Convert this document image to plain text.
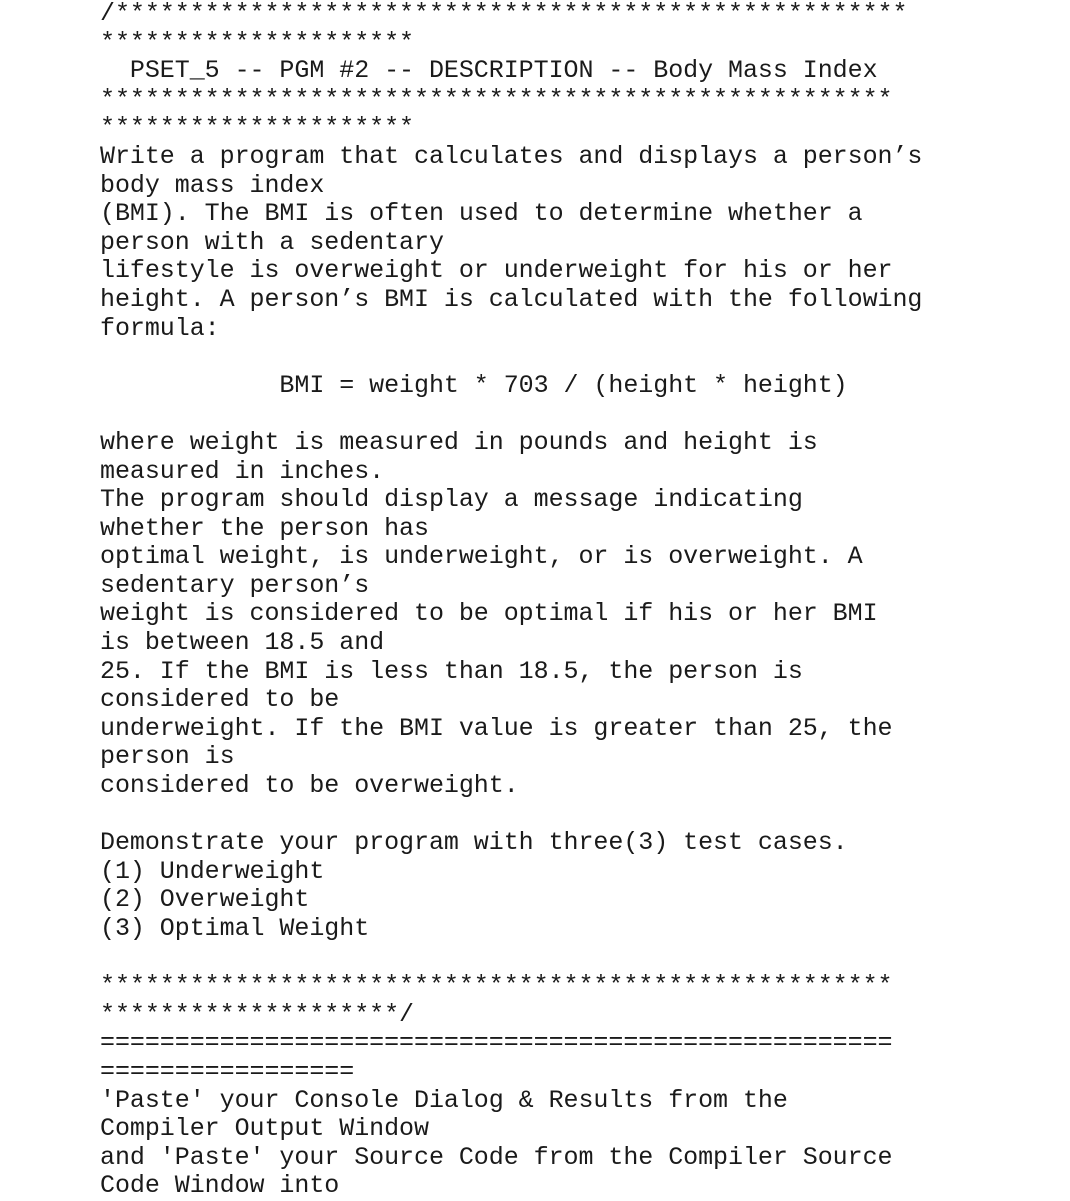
/*****************************************************
*********************
PSET_5 -- PGM #2 -- DESCRIPTION -- Body Mass Index
*****************************************************
*********************
Write a program that calculates and displays a person’s
body mass index
(BMI). The BMI is often used to determine whether a
person with a sedentary
lifestyle is overweight or underweight for his or her
height. A person’s BMI is calculated with the following
formula:
BMI = weight * 703 / (height * height)
where weight is measured in pounds and height is
measured in inches.
The program should display a message indicating
whether the person has
optimal weight, is underweight, or is overweight. A
sedentary person’s
weight is considered to be optimal if his or her BMI
is between 18.5 and
25. If the BMI is less than 18.5, the person is
considered to be
underweight. If the BMI value is greater than 25, the
person is
considered to be overweight.
Demonstrate your program with three(3) test cases.
(1) Underweight
(2) Overweight
(3) Optimal Weight
*****************************************************
********************/
=====================================================
=================
'Paste' your Console Dialog & Results from the
Compiler Output Window
and 'Paste' your Source Code from the Compiler Source
Code Window into
